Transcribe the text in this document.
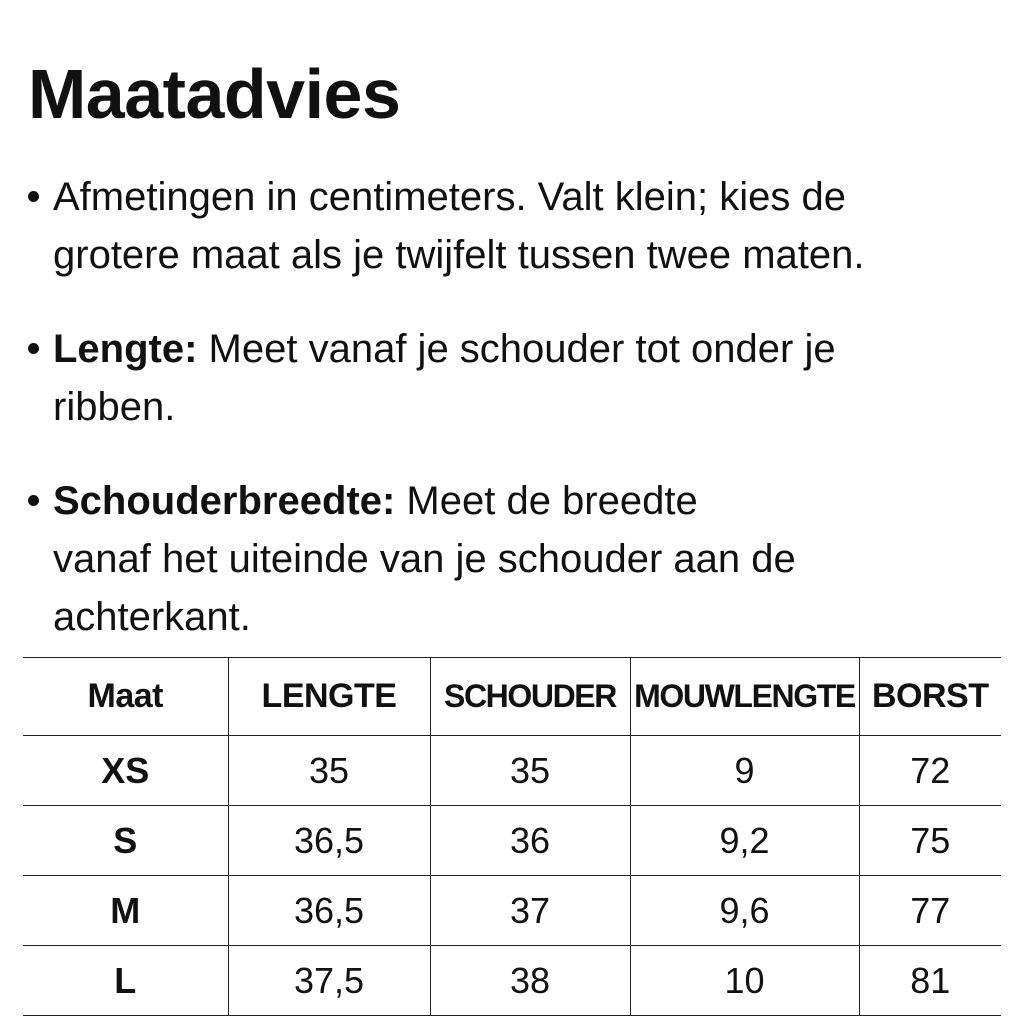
Maatadvies
Afmetingen in centimeters. Valt klein; kies de
grotere maat als je twijfelt tussen twee maten.
Lengte: Meet vanaf je schouder tot onder je
ribben.
Schouderbreedte: Meet de breedte
vanaf het uiteinde van je schouder aan de
achterkant.
Maat	LENGTE	SCHOUDER	MOUWLENGTE	BORST
XS	35	35	9	72
S	36,5	36	9,2	75
M	36,5	37	9,6	77
L	37,5	38	10	81
